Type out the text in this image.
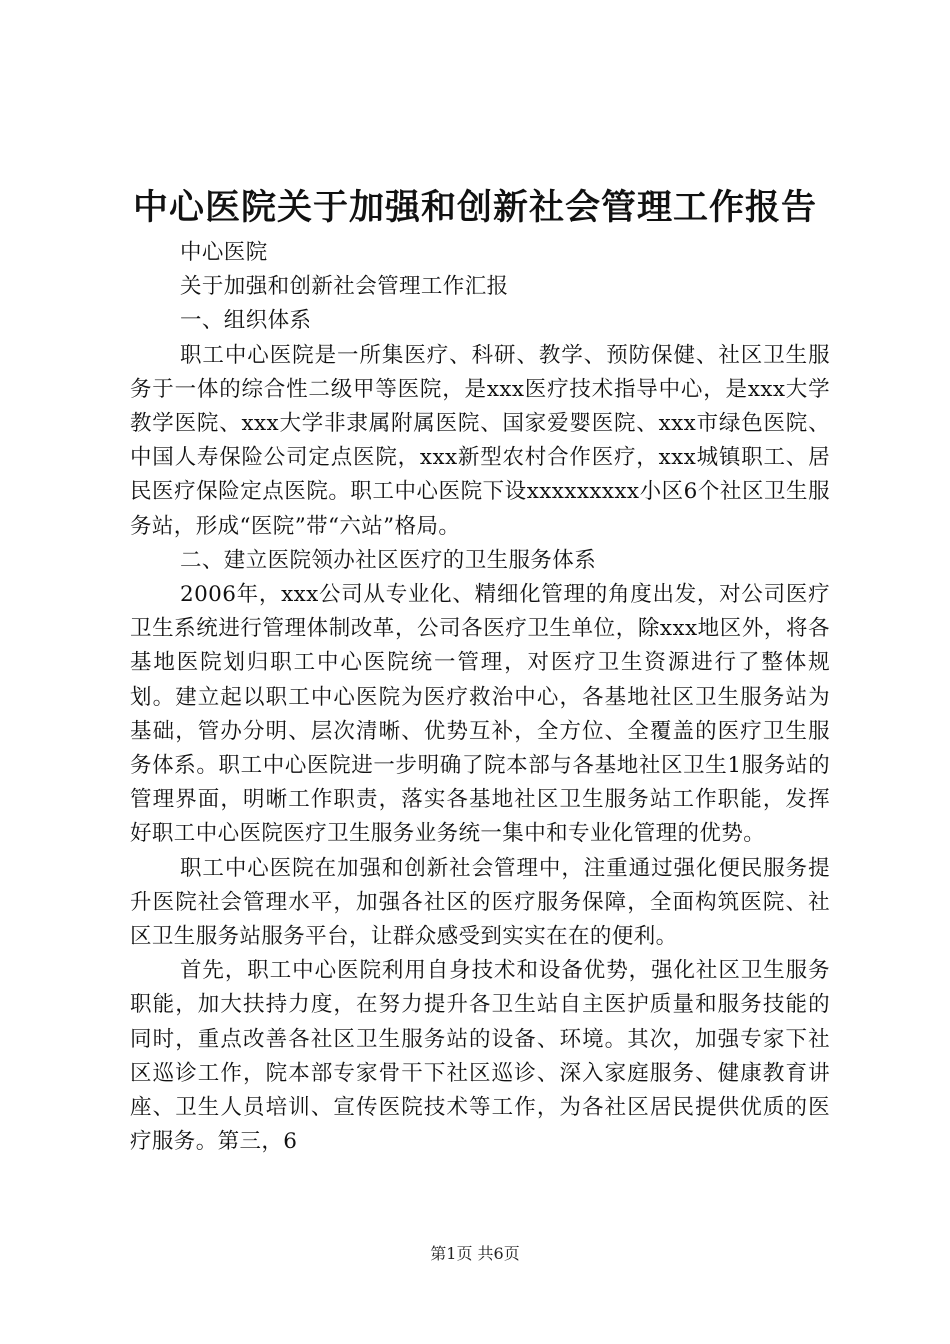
中心医院关于加强和创新社会管理工作报告

中心医院

关于加强和创新社会管理工作汇报

一、组织体系

职工中心医院是一所集医疗、科研、教学、预防保健、社区卫生服务于一体的综合性二级甲等医院，是xxx医疗技术指导中心，是xxx大学教学医院、xxx大学非隶属附属医院、国家爱婴医院、xxx市绿色医院、中国人寿保险公司定点医院，xxx新型农村合作医疗，xxx城镇职工、居民医疗保险定点医院。职工中心医院下设xxxxxxxxx小区6个社区卫生服务站，形成“医院”带“六站”格局。

二、建立医院领办社区医疗的卫生服务体系

2006年，xxx公司从专业化、精细化管理的角度出发，对公司医疗卫生系统进行管理体制改革，公司各医疗卫生单位，除xxx地区外，将各基地医院划归职工中心医院统一管理，对医疗卫生资源进行了整体规划。建立起以职工中心医院为医疗救治中心，各基地社区卫生服务站为基础，管办分明、层次清晰、优势互补，全方位、全覆盖的医疗卫生服务体系。职工中心医院进一步明确了院本部与各基地社区卫生1服务站的管理界面，明晰工作职责，落实各基地社区卫生服务站工作职能，发挥好职工中心医院医疗卫生服务业务统一集中和专业化管理的优势。

职工中心医院在加强和创新社会管理中，注重通过强化便民服务提升医院社会管理水平，加强各社区的医疗服务保障，全面构筑医院、社区卫生服务站服务平台，让群众感受到实实在在的便利。

首先，职工中心医院利用自身技术和设备优势，强化社区卫生服务职能，加大扶持力度，在努力提升各卫生站自主医护质量和服务技能的同时，重点改善各社区卫生服务站的设备、环境。其次，加强专家下社区巡诊工作，院本部专家骨干下社区巡诊、深入家庭服务、健康教育讲座、卫生人员培训、宣传医院技术等工作，为各社区居民提供优质的医疗服务。第三，6

第1页 共6页
